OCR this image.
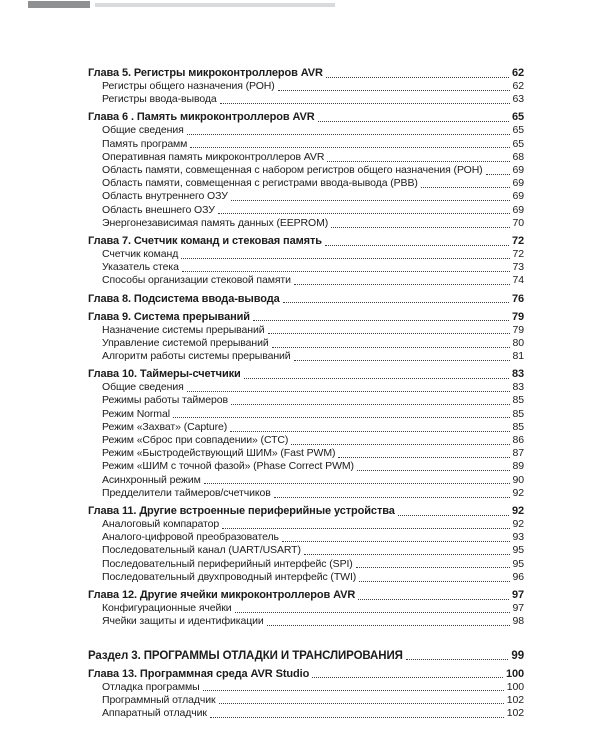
Глава 5. Регистры микроконтроллеров AVR	62
Регистры общего назначения (РОН)	62
Регистры ввода-вывода	63
Глава 6 . Память микроконтроллеров AVR	65
Общие сведения	65
Память программ	65
Оперативная память микроконтроллеров AVR	68
Область памяти, совмещенная с набором регистров общего назначения (РОН)	69
Область памяти, совмещенная с регистрами ввода-вывода (РВВ)	69
Область внутреннего ОЗУ	69
Область внешнего ОЗУ	69
Энергонезависимая память данных (EEPROM)	70
Глава 7. Счетчик команд и стековая память	72
Счетчик команд	72
Указатель стека	73
Способы организации стековой памяти	74
Глава 8. Подсистема ввода-вывода	76
Глава 9. Система прерываний	79
Назначение системы прерываний	79
Управление системой прерываний	80
Алгоритм работы системы прерываний	81
Глава 10. Таймеры-счетчики	83
Общие сведения	83
Режимы работы таймеров	85
Режим Normal	85
Режим «Захват» (Capture)	85
Режим «Сброс при совпадении» (СТС)	86
Режим «Быстродействующий ШИМ» (Fast PWM)	87
Режим «ШИМ с точной фазой» (Phase Correct PWM)	89
Асинхронный режим	90
Предделители таймеров/счетчиков	92
Глава 11. Другие встроенные периферийные устройства	92
Аналоговый компаратор	92
Аналого-цифровой преобразователь	93
Последовательный канал (UART/USART)	95
Последовательный периферийный интерфейс (SPI)	95
Последовательный двухпроводный интерфейс (TWI)	96
Глава 12. Другие ячейки микроконтроллеров AVR	97
Конфигурационные ячейки	97
Ячейки защиты и идентификации	98
Раздел 3. ПРОГРАММЫ ОТЛАДКИ И ТРАНСЛИРОВАНИЯ	99
Глава 13. Программная среда AVR Studio	100
Отладка программы	100
Программный отладчик	102
Аппаратный отладчик	102
